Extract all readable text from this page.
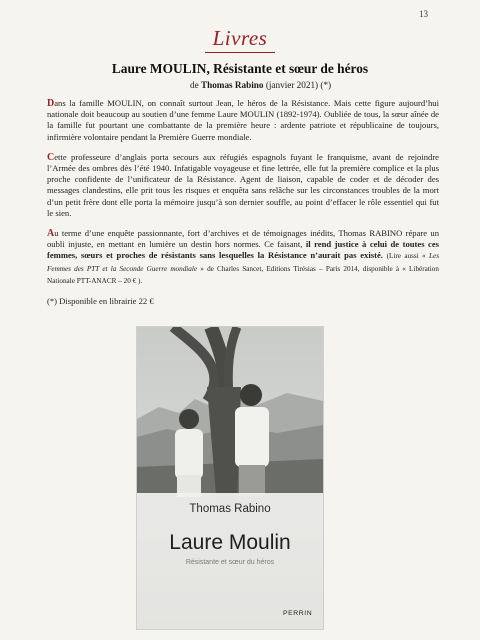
13
Livres
Laure MOULIN, Résistante et sœur de héros
de Thomas Rabino (janvier 2021) (*)

Dans la famille MOULIN, on connaît surtout Jean, le héros de la Résistance. Mais cette figure aujourd’hui nationale doit beaucoup au soutien d’une femme Laure MOULIN (1892-1974). Oubliée de tous, la sœur aînée de la famille fut pourtant une combattante de la première heure : ardente patriote et républicaine de toujours, infirmière volontaire pendant la Première Guerre mondiale.

Cette professeure d’anglais porta secours aux réfugiés espagnols fuyant le franquisme, avant de rejoindre l’Armée des ombres dès l’été 1940. Infatigable voyageuse et fine lettrée, elle fut la première complice et la plus proche confidente de l’unificateur de la Résistance. Agent de liaison, capable de coder et de décoder des messages clandestins, elle prit tous les risques et enquêta sans relâche sur les circonstances troubles de la mort d’un petit frère dont elle porta la mémoire jusqu’à son dernier souffle, au point d’effacer le rôle essentiel qui fut le sien.

Au terme d’une enquête passionnante, fort d’archives et de témoignages inédits, Thomas RABINO répare un oubli injuste, en mettant en lumière un destin hors normes. Ce faisant, il rend justice à celui de toutes ces femmes, sœurs et proches de résistants sans lesquelles la Résistance n’aurait pas existé. (Lire aussi « Les Femmes des PTT et la Seconde Guerre mondiale » de Charles Sancet, Editions Tirésias – Paris 2014, disponible à « Libération Nationale PTT-ANACR – 20 € ).

(*) Disponible en librairie 22 €

Thomas Rabino
Laure Moulin
Résistante et sœur du héros
PERRIN
